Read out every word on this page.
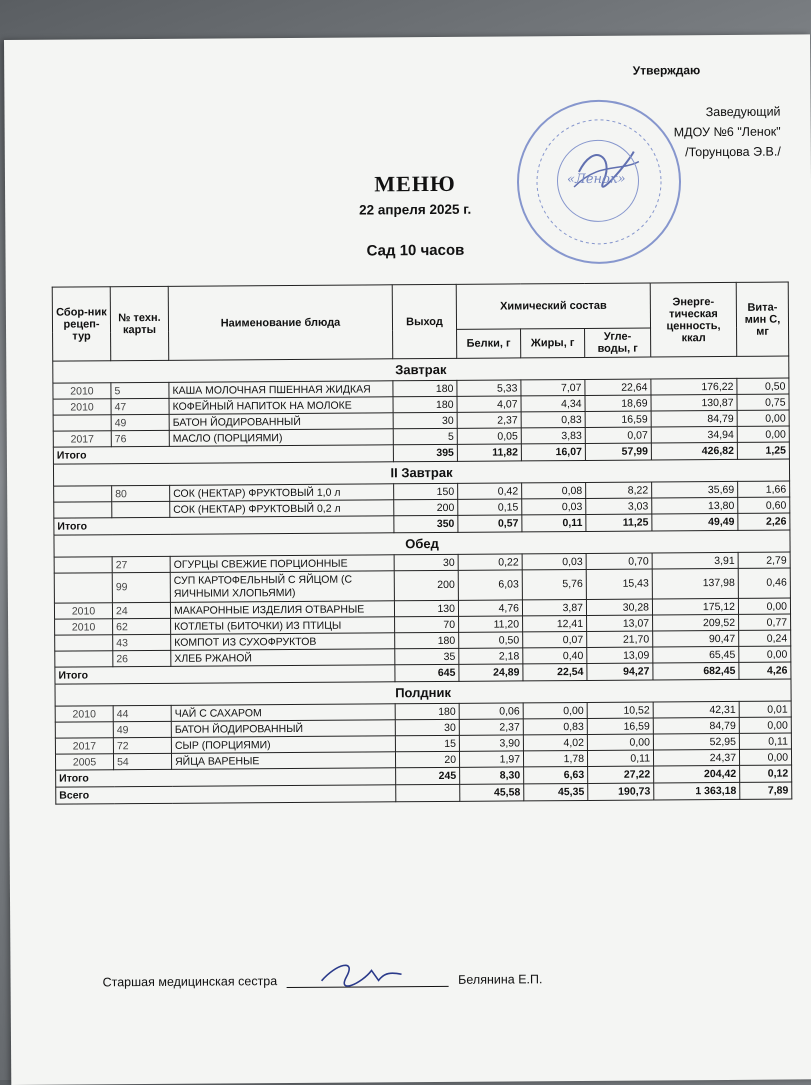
Утверждаю
«Ленок»
Заведующий
МДОУ №6 "Ленок"
/Торунцова Э.В./
МЕНЮ
22 апреля 2025 г.
Сад 10 часов
Сбор-ник рецеп-тур	№ техн. карты	Наименование блюда	Выход	Химический состав			Энерге-тическая ценность, ккал	Вита-мин С, мг
				Белки, г	Жиры, г	Угле-воды, г		
Завтрак								
2010	5	КАША МОЛОЧНАЯ ПШЕННАЯ ЖИДКАЯ	180	5,33	7,07	22,64	176,22	0,50
2010	47	КОФЕЙНЫЙ НАПИТОК НА МОЛОКЕ	180	4,07	4,34	18,69	130,87	0,75
	49	БАТОН ЙОДИРОВАННЫЙ	30	2,37	0,83	16,59	84,79	0,00
2017	76	МАСЛО (ПОРЦИЯМИ)	5	0,05	3,83	0,07	34,94	0,00
Итого			395	11,82	16,07	57,99	426,82	1,25
II Завтрак								
	80	СОК (НЕКТАР) ФРУКТОВЫЙ 1,0 л	150	0,42	0,08	8,22	35,69	1,66
		СОК (НЕКТАР) ФРУКТОВЫЙ 0,2 л	200	0,15	0,03	3,03	13,80	0,60
Итого			350	0,57	0,11	11,25	49,49	2,26
Обед								
	27	ОГУРЦЫ СВЕЖИЕ ПОРЦИОННЫЕ	30	0,22	0,03	0,70	3,91	2,79
	99	СУП КАРТОФЕЛЬНЫЙ С ЯЙЦОМ (С ЯИЧНЫМИ ХЛОПЬЯМИ)	200	6,03	5,76	15,43	137,98	0,46
2010	24	МАКАРОННЫЕ ИЗДЕЛИЯ ОТВАРНЫЕ	130	4,76	3,87	30,28	175,12	0,00
2010	62	КОТЛЕТЫ (БИТОЧКИ) ИЗ ПТИЦЫ	70	11,20	12,41	13,07	209,52	0,77
	43	КОМПОТ ИЗ СУХОФРУКТОВ	180	0,50	0,07	21,70	90,47	0,24
	26	ХЛЕБ РЖАНОЙ	35	2,18	0,40	13,09	65,45	0,00
Итого			645	24,89	22,54	94,27	682,45	4,26
Полдник								
2010	44	ЧАЙ С САХАРОМ	180	0,06	0,00	10,52	42,31	0,01
	49	БАТОН ЙОДИРОВАННЫЙ	30	2,37	0,83	16,59	84,79	0,00
2017	72	СЫР (ПОРЦИЯМИ)	15	3,90	4,02	0,00	52,95	0,11
2005	54	ЯЙЦА ВАРЕНЫЕ	20	1,97	1,78	0,11	24,37	0,00
Итого			245	8,30	6,63	27,22	204,42	0,12
Всего				45,58	45,35	190,73	1 363,18	7,89
Старшая медицинская сестра	Белянина Е.П.
